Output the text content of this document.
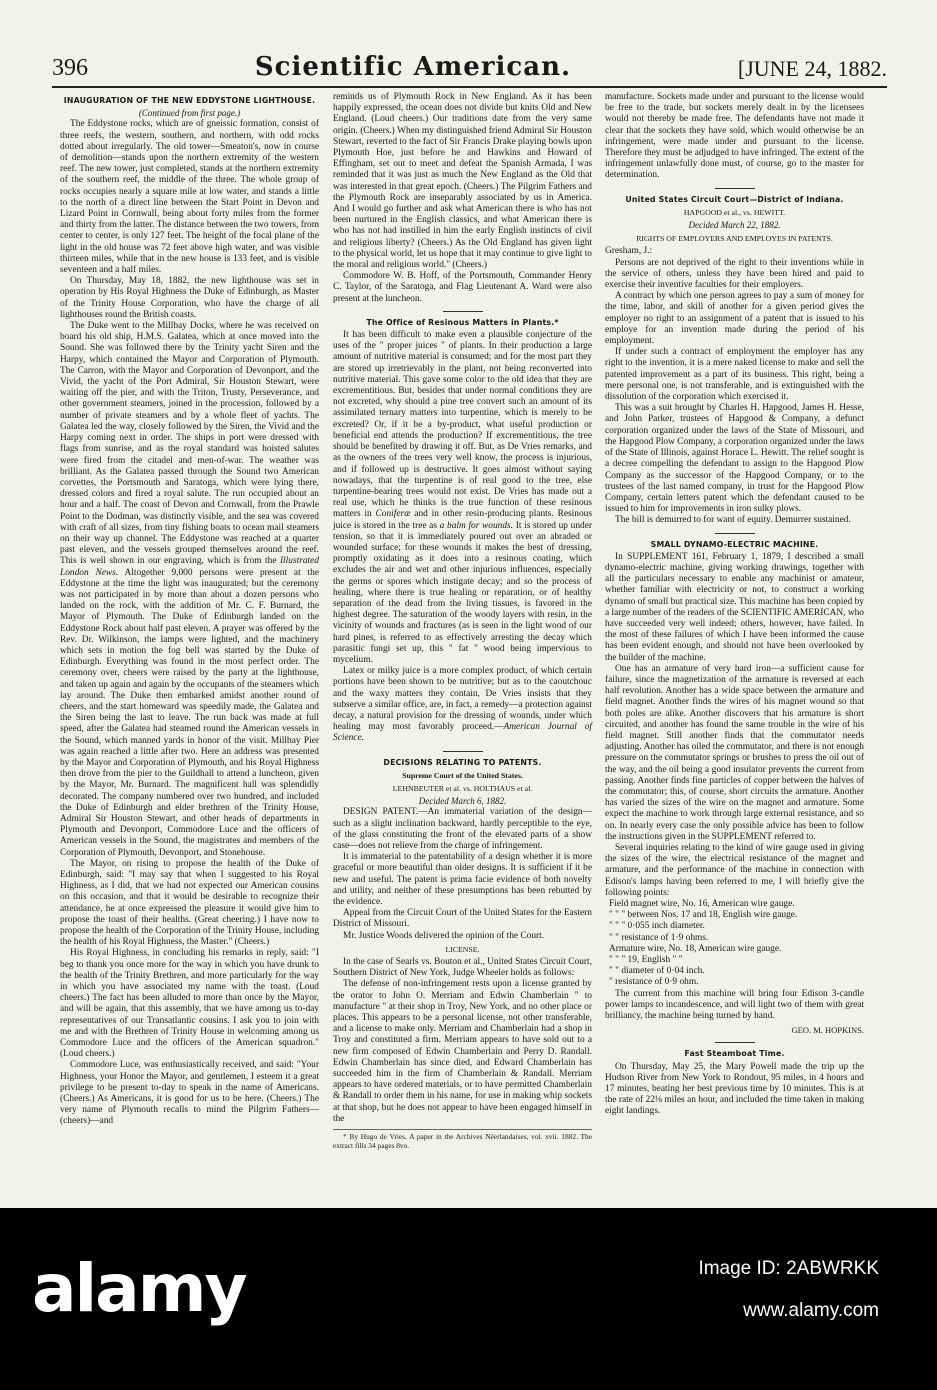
396	Scientific American.	[JUNE 24, 1882.

INAUGURATION OF THE NEW EDDYSTONE LIGHTHOUSE.

(Continued from first page.)

The Eddystone rocks, which are of gneissic formation, consist of three reefs, the western, southern, and northern, with odd rocks dotted about irregularly. The old tower—Smeaton's, now in course of demolition—stands upon the northern extremity of the western reef. The new tower, just completed, stands at the northern extremity of the southern reef, the middle of the three. The whole group of rocks occupies nearly a square mile at low water, and stands a little to the north of a direct line between the Start Point in Devon and Lizard Point in Cornwall, being about forty miles from the former and thirty from the latter. The distance between the two towers, from center to center, is only 127 feet. The height of the focal plane of the light in the old house was 72 feet above high water, and was visible thirteen miles, while that in the new house is 133 feet, and is visible seventeen and a half miles.

On Thursday, May 18, 1882, the new lighthouse was set in operation by His Royal Highness the Duke of Edinburgh, as Master of the Trinity House Corporation, who have the charge of all lighthouses round the British coasts.

The Duke went to the Millbay Docks, where he was received on board his old ship, H.M.S. Galatea, which at once moved into the Sound. She was followed there by the Trinity yacht Siren and the Harpy, which contained the Mayor and Corporation of Plymouth. The Carron, with the Mayor and Corporation of Devonport, and the Vivid, the yacht of the Port Admiral, Sir Houston Stewart, were waiting off the pier, and with the Triton, Trusty, Perseverance, and other government steamers, joined in the procession, followed by a number of private steamers and by a whole fleet of yachts. The Galatea led the way, closely followed by the Siren, the Vivid and the Harpy coming next in order. The ships in port were dressed with flags from sunrise, and as the royal standard was hoisted salutes were fired from the citadel and men-of-war. The weather was brilliant. As the Galatea passed through the Sound two American corvettes, the Portsmouth and Saratoga, which were lying there, dressed colors and fired a royal salute. The run occupied about an hour and a half. The coast of Devon and Cornwall, from the Prawle Point to the Dodman, was distinctly visible, and the sea was covered with craft of all sizes, from tiny fishing boats to ocean mail steamers on their way up channel. The Eddystone was reached at a quarter past eleven, and the vessels grouped themselves around the reef. This is well shown in our engraving, which is from the Illustrated London News. Altogether 9,000 persons were present at the Eddystone at the time the light was inaugurated; but the ceremony was not participated in by more than about a dozen persons who landed on the rock, with the addition of Mr. C. F. Burnard, the Mayor of Plymouth. The Duke of Edinburgh landed on the Eddystone Rock about half past eleven. A prayer was offered by the Rev. Dr. Wilkinson, the lamps were lighted, and the machinery which sets in motion the fog bell was started by the Duke of Edinburgh. Everything was found in the most perfect order. The ceremony over, cheers were raised by the party at the lighthouse, and taken up again and again by the occupants of the steamers which lay around. The Duke then embarked amidst another round of cheers, and the start homeward was speedily made, the Galatea and the Siren being the last to leave. The run back was made at full speed, after the Galatea had steamed round the American vessels in the Sound, which manned yards in honor of the visit. Millbay Pier was again reached a little after two. Here an address was presented by the Mayor and Corporation of Plymouth, and his Royal Highness then drove from the pier to the Guildhall to attend a luncheon, given by the Mayor, Mr. Burnard. The magnificent hall was splendidly decorated. The company numbered over two hundred, and included the Duke of Edinburgh and elder brethren of the Trinity House, Admiral Sir Houston Stewart, and other heads of departments in Plymouth and Devonport, Commodore Luce and the officers of American vessels in the Sound, the magistrates and members of the Corporation of Plymouth, Devonport, and Stonehouse.

The Mayor, on rising to propose the health of the Duke of Edinburgh, said: "I may say that when I suggested to his Royal Highness, as I did, that we had not expected our American cousins on this occasion, and that it would be desirable to recognize their attendance, he at once expressed the pleasure it would give him to propose the toast of their healths. (Great cheering.) I have now to propose the health of the Corporation of the Trinity House, including the health of his Royal Highness, the Master." (Cheers.)

His Royal Highness, in concluding his remarks in reply, said: "I beg to thank you once more for the way in which you have drunk to the health of the Trinity Brethren, and more particularly for the way in which you have associated my name with the toast. (Loud cheers.) The fact has been alluded to more than once by the Mayor, and will be again, that this assembly, that we have among us to-day representatives of our Transatlantic cousins. I ask you to join with me and with the Brethren of Trinity House in welcoming among us Commodore Luce and the officers of the American squadron." (Loud cheers.)

Commodore Luce, was enthusiastically received, and said: "Your Highness, your Honor the Mayor, and gentlemen, I esteem it a great privilege to be present to-day to speak in the name of Americans. (Cheers.) As Americans, it is good for us to be here. (Cheers.) The very name of Plymouth recalls to mind the Pilgrim Fathers—(cheers)—and

reminds us of Plymouth Rock in New England. As it has been happily expressed, the ocean does not divide but knits Old and New England. (Loud cheers.) Our traditions date from the very same origin. (Cheers.) When my distinguished friend Admiral Sir Houston Stewart, reverted to the fact of Sir Francis Drake playing bowls upon Plymouth Hoe, just before he and Hawkins and Howard of Effingham, set out to meet and defeat the Spanish Armada, I was reminded that it was just as much the New England as the Old that was interested in that great epoch. (Cheers.) The Pilgrim Fathers and the Plymouth Rock are inseparably associated by us in America. And I would go further and ask what American there is who has not been nurtured in the English classics, and what American there is who has not had instilled in him the early English instincts of civil and religious liberty? (Cheers.) As the Old England has given light to the physical world, let us hope that it may continue to give light to the moral and religious world." (Cheers.)

Commodore W. B. Hoff, of the Portsmouth, Commander Henry C. Taylor, of the Saratoga, and Flag Lieutenant A. Ward were also present at the luncheon.

The Office of Resinous Matters in Plants.*

It has been difficult to make even a plausible conjecture of the uses of the " proper juices " of plants. In their production a large amount of nutritive material is consumed; and for the most part they are stored up irretrievably in the plant, not being reconverted into nutritive material. This gave some color to the old idea that they are excrementitious. But, besides that under normal conditions they are not excreted, why should a pine tree convert such an amount of its assimilated ternary matters into turpentine, which is merely to be excreted? Or, if it be a by-product, what useful production or beneficial end attends the production? If excrementitious, the tree should be benefited by drawing it off. But, as De Vries remarks, and as the owners of the trees very well know, the process is injurious, and if followed up is destructive. It goes almost without saying nowadays, that the turpentine is of real good to the tree, else turpentine-bearing trees would not exist. De Vries has made out a real use, which he thinks is the true function of these resinous matters in Coniferæ and in other resin-producing plants. Resinous juice is stored in the tree as a balm for wounds. It is stored up under tension, so that it is immediately poured out over an abraded or wounded surface; for these wounds it makes the best of dressing, promptly oxidating as it does into a resinous coating, which excludes the air and wet and other injurious influences, especially the germs or spores which instigate decay; and so the process of healing, where there is true healing or reparation, or of healthy separation of the dead from the living tissues, is favored in the highest degree. The saturation of the woody layers with resin, in the vicinity of wounds and fractures (as is seen in the light wood of our hard pines, is referred to as effectively arresting the decay which parasitic fungi set up, this " fat " wood being impervious to mycelium.

Latex or milky juice is a more complex product, of which certain portions have been shown to be nutritive; but as to the caoutchouc and the waxy matters they contain, De Vries insists that they subserve a similar office, are, in fact, a remedy—a protection against decay, a natural provision for the dressing of wounds, under which healing may most favorably proceed.—American Journal of Science.

DECISIONS RELATING TO PATENTS.

Supreme Court of the United States.

LEHNBEUTER et al. vs. HOLTHAUS et al.

Decided March 6, 1882.

DESIGN PATENT.—An immaterial variation of the design—such as a slight inclination backward, hardly perceptible to the eye, of the glass constituting the front of the elevated parts of a show case—does not relieve from the charge of infringement.

It is immaterial to the patentability of a design whether it is more graceful or more beautiful than older designs. It is sufficient if it be new and useful. The patent is prima facie evidence of both novelty and utility, and neither of these presumptions has been rebutted by the evidence.

Appeal from the Circuit Court of the United States for the Eastern District of Missouri.

Mr. Justice Woods delivered the opinion of the Court.

LICENSE.

In the case of Searls vs. Bouton et al., United States Circuit Court, Southern District of New York, Judge Wheeler holds as follows:

The defense of non-infringement rests upon a license granted by the orator to John O. Merriam and Edwin Chamberlain " to manufacture " at their shop in Troy, New York, and no other place or places. This appears to be a personal license, not other transferable, and a license to make only. Merriam and Chamberlain had a shop in Troy and constituted a firm. Merriam appears to have sold out to a new firm composed of Edwin Chamberlain and Perry D. Randall. Edwin Chamberlain has since died, and Edward Chamberlain has succeeded him in the firm of Chamberlain & Randall. Merriam appears to have ordered materials, or to have permitted Chamberlain & Randall to order them in his name, for use in making whip sockets at that shop, but he does not appear to have been engaged himself in the

* By Hugo de Vries. A paper in the Archives Néerlandaises, vol. xvii. 1882. The extract fills 34 pages 8vo.

manufacture. Sockets made under and pursuant to the license would be free to the trade, but sockets merely dealt in by the licensees would not thereby be made free. The defendants have not made it clear that the sockets they have sold, which would otherwise be an infringement, were made under and pursuant to the license. Therefore they must be adjudged to have infringed. The extent of the infringement unlawfully done must, of course, go to the master for determination.

United States Circuit Court—District of Indiana.

HAPGOOD et al., vs. HEWITT.

Decided March 22, 1882.

RIGHTS OF EMPLOYERS AND EMPLOYES IN PATENTS.

Gresham, J.:

Persons are not deprived of the right to their inventions while in the service of others, unless they have been hired and paid to exercise their inventive faculties for their employers.

A contract by which one person agrees to pay a sum of money for the time, labor, and skill of another for a given period gives the employer no right to an assignment of a patent that is issued to his employe for an invention made during the period of his employment.

If under such a contract of employment the employer has any right to the invention, it is a mere naked license to make and sell the patented improvement as a part of its business. This right, being a mere personal one, is not transferable, and is extinguished with the dissolution of the corporation which exercised it.

This was a suit brought by Charles H. Hapgood, James H. Hesse, and John Parker, trustees of Hapgood & Company, a defunct corporation organized under the laws of the State of Missouri, and the Hapgood Plow Company, a corporation organized under the laws of the State of Illinois, against Horace L. Hewitt. The relief sought is a decree compelling the defendant to assign to the Hapgood Plow Company as the successor of the Hapgood Company, or to the trustees of the last named company, in trust for the Hapgood Plow Company, certain letters patent which the defendant caused to be issued to him for improvements in iron sulky plows.

The bill is demurred to for want of equity. Demurrer sustained.

SMALL DYNAMO-ELECTRIC MACHINE.

In SUPPLEMENT 161, February 1, 1879, I described a small dynamo-electric machine, giving working drawings, together with all the particulars necessary to enable any machinist or amateur, whether familiar with electricity or not, to construct a working dynamo of small but practical size. This machine has been copied by a large number of the readers of the SCIENTIFIC AMERICAN, who have succeeded very well indeed; others, however, have failed. In the most of these failures of which I have been informed the cause has been evident enough, and should not have been overlooked by the builder of the machine.

One has an armature of very hard iron—a sufficient cause for failure, since the magnetization of the armature is reversed at each half revolution. Another has a wide space between the armature and field magnet. Another finds the wires of his magnet wound so that both poles are alike. Another discovers that his armature is short circuited, and another has found the same trouble in the wire of his field magnet. Still another finds that the commutator needs adjusting. Another has oiled the commutator, and there is not enough pressure on the commutator springs or brushes to press the oil out of the way, and the oil being a good insulator prevents the current from passing. Another finds fine particles of copper between the halves of the commutator; this, of course, short circuits the armature. Another has varied the sizes of the wire on the magnet and armature. Some expect the machine to work through large external resistance, and so on. In nearly every case the only possible advice has been to follow the instructions given in the SUPPLEMENT referred to.

Several inquiries relating to the kind of wire gauge used in giving the sizes of the wire, the electrical resistance of the magnet and armature, and the performance of the machine in connection with Edison's lamps having been referred to me, I will briefly give the following points:

Field magnet wire, No. 16, American wire gauge.

" " " between Nos. 17 and 18, English wire gauge.

" " " 0·055 inch diameter.

" " resistance of 1·9 ohms.

Armature wire, No. 18, American wire gauge.

" " " 19, English " "

" " diameter of 0·04 inch.

" resistance of 0·9 ohm.

The current from this machine will bring four Edison 3-candle power lamps to incandescence, and will light two of them with great brilliancy, the machine being turned by hand.

GEO. M. HOPKINS.

Fast Steamboat Time.

On Thursday, May 25, the Mary Powell made the trip up the Hudson River from New York to Rondout, 95 miles, in 4 hours and 17 minutes, beating her best previous time by 10 minutes. This is at the rate of 22⅛ miles an hour, and included the time taken in making eight landings.

alamy	Image ID: 2ABWRKK
www.alamy.com
